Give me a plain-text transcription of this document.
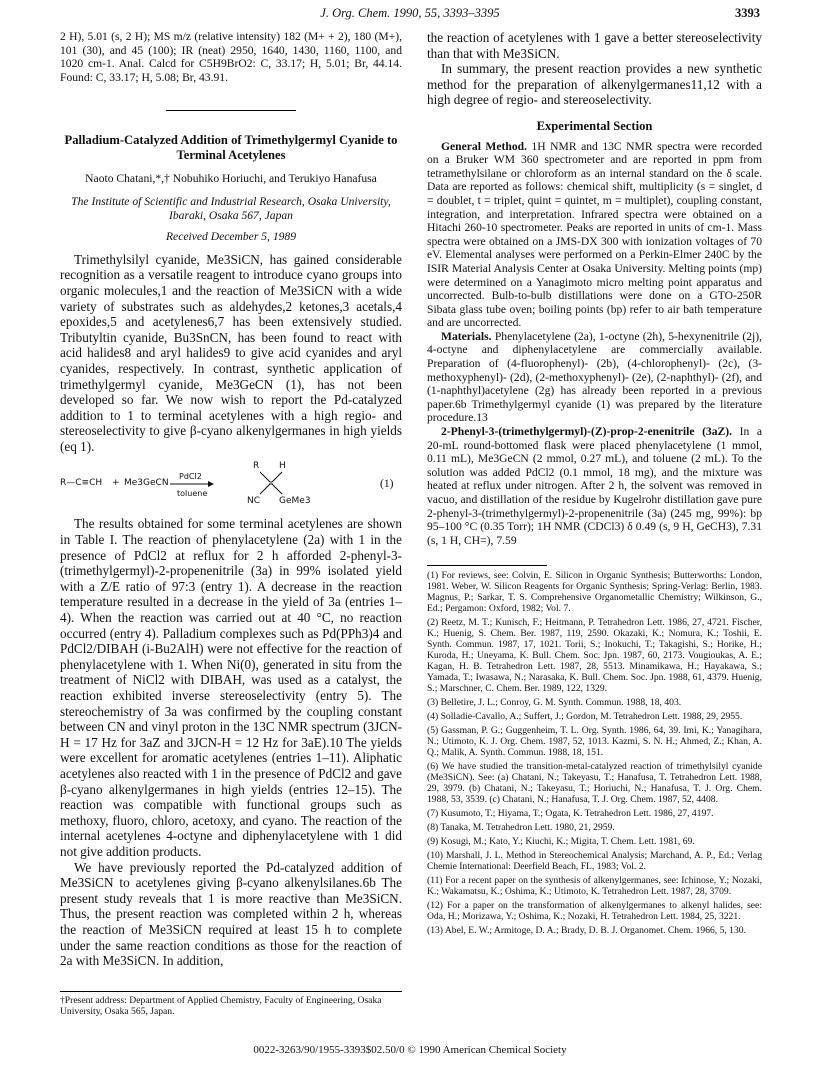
J. Org. Chem. 1990, 55, 3393–3395	3393

2 H), 5.01 (s, 2 H); MS m/z (relative intensity) 182 (M+ + 2), 180 (M+), 101 (30), and 45 (100); IR (neat) 2950, 1640, 1430, 1160, 1100, and 1020 cm-1. Anal. Calcd for C5H9BrO2: C, 33.17; H, 5.01; Br, 44.14. Found: C, 33.17; H, 5.08; Br, 43.91.

Palladium-Catalyzed Addition of Trimethylgermyl Cyanide to Terminal Acetylenes
Naoto Chatani,*,† Nobuhiko Horiuchi, and Terukiyo Hanafusa
The Institute of Scientific and Industrial Research, Osaka University, Ibaraki, Osaka 567, Japan
Received December 5, 1989

Trimethylsilyl cyanide, Me3SiCN, has gained considerable recognition as a versatile reagent to introduce cyano groups into organic molecules,1 and the reaction of Me3SiCN with a wide variety of substrates such as aldehydes,2 ketones,3 acetals,4 epoxides,5 and acetylenes6,7 has been extensively studied. Tributyltin cyanide, Bu3SnCN, has been found to react with acid halides8 and aryl halides9 to give acid cyanides and aryl cyanides, respectively. In contrast, synthetic application of trimethylgermyl cyanide, Me3GeCN (1), has not been developed so far. We now wish to report the Pd-catalyzed addition to 1 to terminal acetylenes with a high regio- and stereoselectivity to give β-cyano alkenylgermanes in high yields (eq 1).

R—C≡CH + Me3GeCN
PdCl2
toluene
R H
NC GeMe3
(1)

The results obtained for some terminal acetylenes are shown in Table I. The reaction of phenylacetylene (2a) with 1 in the presence of PdCl2 at reflux for 2 h afforded 2-phenyl-3-(trimethylgermyl)-2-propenenitrile (3a) in 99% isolated yield with a Z/E ratio of 97:3 (entry 1). A decrease in the reaction temperature resulted in a decrease in the yield of 3a (entries 1–4). When the reaction was carried out at 40 °C, no reaction occurred (entry 4). Palladium complexes such as Pd(PPh3)4 and PdCl2/DIBAH (i-Bu2AlH) were not effective for the reaction of phenylacetylene with 1. When Ni(0), generated in situ from the treatment of NiCl2 with DIBAH, was used as a catalyst, the reaction exhibited inverse stereoselectivity (entry 5). The stereochemistry of 3a was confirmed by the coupling constant between CN and vinyl proton in the 13C NMR spectrum (3JCN-H = 17 Hz for 3aZ and 3JCN-H = 12 Hz for 3aE).10 The yields were excellent for aromatic acetylenes (entries 1–11). Aliphatic acetylenes also reacted with 1 in the presence of PdCl2 and gave β-cyano alkenylgermanes in high yields (entries 12–15). The reaction was compatible with functional groups such as methoxy, fluoro, chloro, acetoxy, and cyano. The reaction of the internal acetylenes 4-octyne and diphenylacetylene with 1 did not give addition products.

We have previously reported the Pd-catalyzed addition of Me3SiCN to acetylenes giving β-cyano alkenylsilanes.6b The present study reveals that 1 is more reactive than Me3SiCN. Thus, the present reaction was completed within 2 h, whereas the reaction of Me3SiCN required at least 15 h to complete under the same reaction conditions as those for the reaction of 2a with Me3SiCN. In addition,

†Present address: Department of Applied Chemistry, Faculty of Engineering, Osaka University, Osaka 565, Japan.

the reaction of acetylenes with 1 gave a better stereoselectivity than that with Me3SiCN.

In summary, the present reaction provides a new synthetic method for the preparation of alkenylgermanes11,12 with a high degree of regio- and stereoselectivity.

Experimental Section

General Method. 1H NMR and 13C NMR spectra were recorded on a Bruker WM 360 spectrometer and are reported in ppm from tetramethylsilane or chloroform as an internal standard on the δ scale. Data are reported as follows: chemical shift, multiplicity (s = singlet, d = doublet, t = triplet, quint = quintet, m = multiplet), coupling constant, integration, and interpretation. Infrared spectra were obtained on a Hitachi 260-10 spectrometer. Peaks are reported in units of cm-1. Mass spectra were obtained on a JMS-DX 300 with ionization voltages of 70 eV. Elemental analyses were performed on a Perkin-Elmer 240C by the ISIR Material Analysis Center at Osaka University. Melting points (mp) were determined on a Yanagimoto micro melting point apparatus and uncorrected. Bulb-to-bulb distillations were done on a GTO-250R Sibata glass tube oven; boiling points (bp) refer to air bath temperature and are uncorrected.

Materials. Phenylacetylene (2a), 1-octyne (2h), 5-hexynenitrile (2j), 4-octyne and diphenylacetylene are commercially available. Preparation of (4-fluorophenyl)- (2b), (4-chlorophenyl)- (2c), (3-methoxyphenyl)- (2d), (2-methoxyphenyl)- (2e), (2-naphthyl)- (2f), and (1-naphthyl)acetylene (2g) has already been reported in a previous paper.6b Trimethylgermyl cyanide (1) was prepared by the literature procedure.13

2-Phenyl-3-(trimethylgermyl)-(Z)-prop-2-enenitrile (3aZ). In a 20-mL round-bottomed flask were placed phenylacetylene (1 mmol, 0.11 mL), Me3GeCN (2 mmol, 0.27 mL), and toluene (2 mL). To the solution was added PdCl2 (0.1 mmol, 18 mg), and the mixture was heated at reflux under nitrogen. After 2 h, the solvent was removed in vacuo, and distillation of the residue by Kugelrohr distillation gave pure 2-phenyl-3-(trimethylgermyl)-2-propenenitrile (3a) (245 mg, 99%): bp 95–100 °C (0.35 Torr); 1H NMR (CDCl3) δ 0.49 (s, 9 H, GeCH3), 7.31 (s, 1 H, CH=), 7.59

(1) For reviews, see: Colvin, E. Silicon in Organic Synthesis; Butterworths: London, 1981. Weber, W. Silicon Reagents for Organic Synthesis; Spring-Verlag: Berlin, 1983. Magnus, P.; Sarkar, T. S. Comprehensive Organometallic Chemistry; Wilkinson, G., Ed.; Pergamon: Oxford, 1982; Vol. 7.
(2) Reetz, M. T.; Kunisch, F.; Heitmann, P. Tetrahedron Lett. 1986, 27, 4721. Fischer, K.; Huenig, S. Chem. Ber. 1987, 119, 2590. Okazaki, K.; Nomura, K.; Toshii, E. Synth. Commun. 1987, 17, 1021. Torii, S.; Inokuchi, T.; Takagishi, S.; Horike, H.; Kuroda, H.; Uneyama, K. Bull. Chem. Soc. Jpn. 1987, 60, 2173. Vougioukas, A. E.; Kagan, H. B. Tetrahedron Lett. 1987, 28, 5513. Minamikawa, H.; Hayakawa, S.; Yamada, T.; Iwasawa, N.; Narasaka, K. Bull. Chem. Soc. Jpn. 1988, 61, 4379. Huenig, S.; Marschner, C. Chem. Ber. 1989, 122, 1329.
(3) Belletire, J. L.; Conroy, G. M. Synth. Commun. 1988, 18, 403.
(4) Solladie-Cavallo, A.; Suffert, J.; Gordon, M. Tetrahedron Lett. 1988, 29, 2955.
(5) Gassman, P. G.; Guggenheim, T. L. Org. Synth. 1986, 64, 39. Imi, K.; Yanagihara, N.; Utimoto, K. J. Org. Chem. 1987, 52, 1013. Kazmi, S. N. H.; Ahmed, Z.; Khan, A. Q.; Malik, A. Synth. Commun. 1988, 18, 151.
(6) We have studied the transition-metal-catalyzed reaction of trimethylsilyl cyanide (Me3SiCN). See: (a) Chatani, N.; Takeyasu, T.; Hanafusa, T. Tetrahedron Lett. 1988, 29, 3979. (b) Chatani, N.; Takeyasu, T.; Horiuchi, N.; Hanafusa, T. J. Org. Chem. 1988, 53, 3539. (c) Chatani, N.; Hanafusa, T. J. Org. Chem. 1987, 52, 4408.
(7) Kusumoto, T.; Hiyama, T.; Ogata, K. Tetrahedron Lett. 1986, 27, 4197.
(8) Tanaka, M. Tetrahedron Lett. 1980, 21, 2959.
(9) Kosugi, M.; Kato, Y.; Kiuchi, K.; Migita, T. Chem. Lett. 1981, 69.
(10) Marshall, J. L. Method in Stereochemical Analysis; Marchand, A. P., Ed.; Verlag Chemie International: Deerfield Beach, FL, 1983; Vol. 2.
(11) For a recent paper on the synthesis of alkenylgermanes, see: Ichinose, Y.; Nozaki, K.; Wakamatsu, K.; Oshima, K.; Utimoto, K. Tetrahedron Lett. 1987, 28, 3709.
(12) For a paper on the transformation of alkenylgermanes to alkenyl halides, see: Oda, H.; Morizawa, Y.; Oshima, K.; Nozaki, H. Tetrahedron Lett. 1984, 25, 3221.
(13) Abel, E. W.; Armitoge, D. A.; Brady, D. B. J. Organomet. Chem. 1966, 5, 130.
0022-3263/90/1955-3393$02.50/0 © 1990 American Chemical Society
